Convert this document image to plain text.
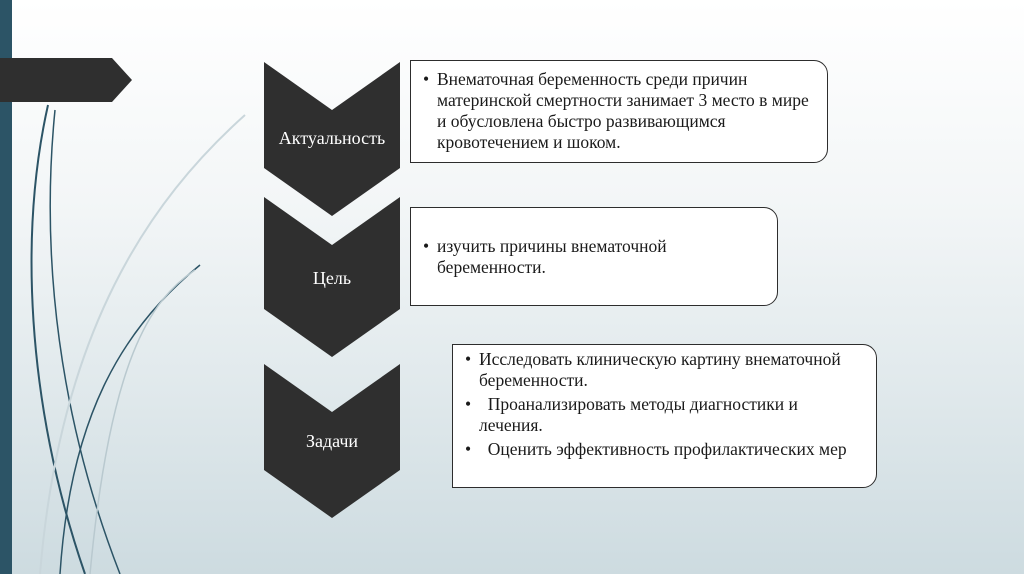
Актуальность
• Внематочная беременность среди причин материнской смертности занимает 3 место в мире и обусловлена быстро развивающимся кровотечением и шоком.
Цель
• изучить причины внематочной беременности.
Задачи
• Исследовать клиническую картину внематочной беременности.
• Проанализировать методы диагностики и лечения.
• Оценить эффективность профилактических мер
